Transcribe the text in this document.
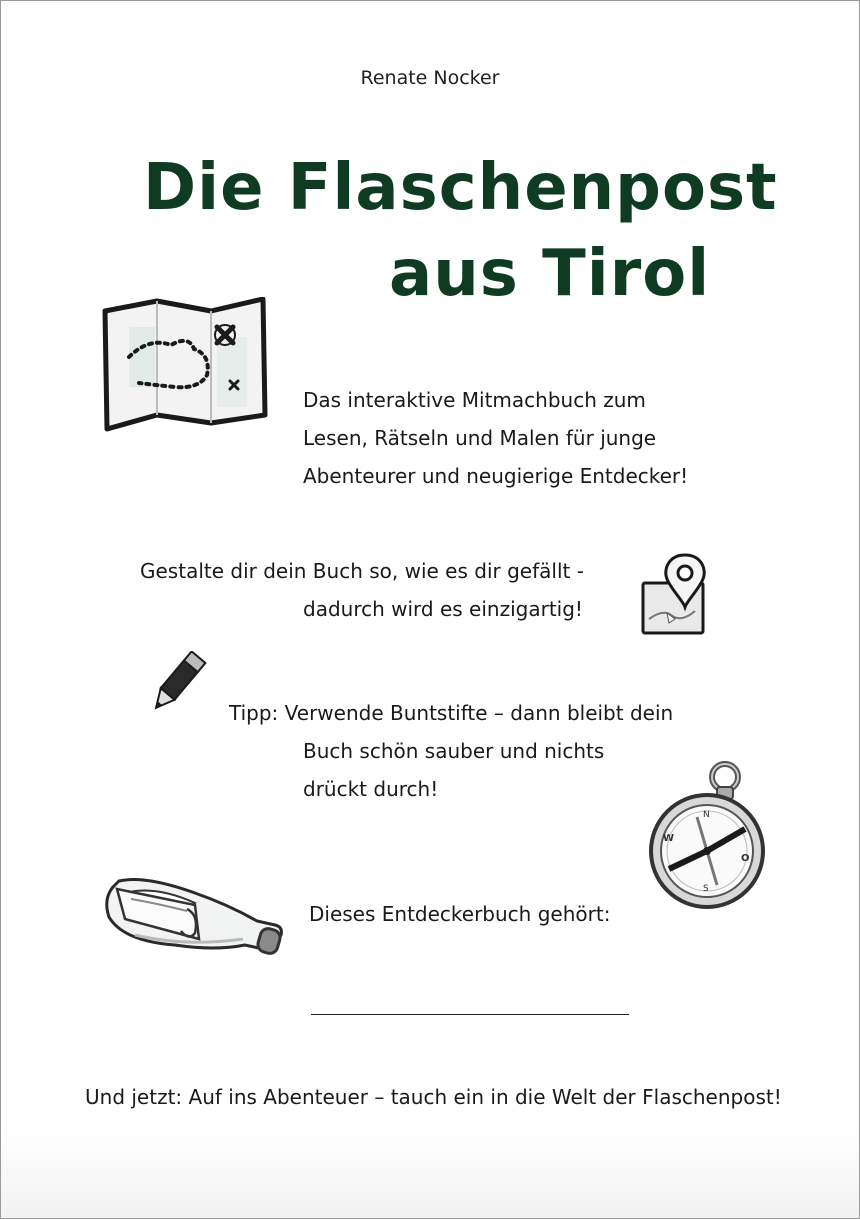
Renate Nocker
Die Flaschenpost
aus Tirol
Das interaktive Mitmachbuch zum
Lesen, Rätseln und Malen für junge
Abenteurer und neugierige Entdecker!
Gestalte dir dein Buch so, wie es dir gefällt -
dadurch wird es einzigartig!
Tipp: Verwende Buntstifte – dann bleibt dein
Buch schön sauber und nichts
drückt durch!
W
O
N
S
Dieses Entdeckerbuch gehört:
Und jetzt: Auf ins Abenteuer – tauch ein in die Welt der Flaschenpost!
